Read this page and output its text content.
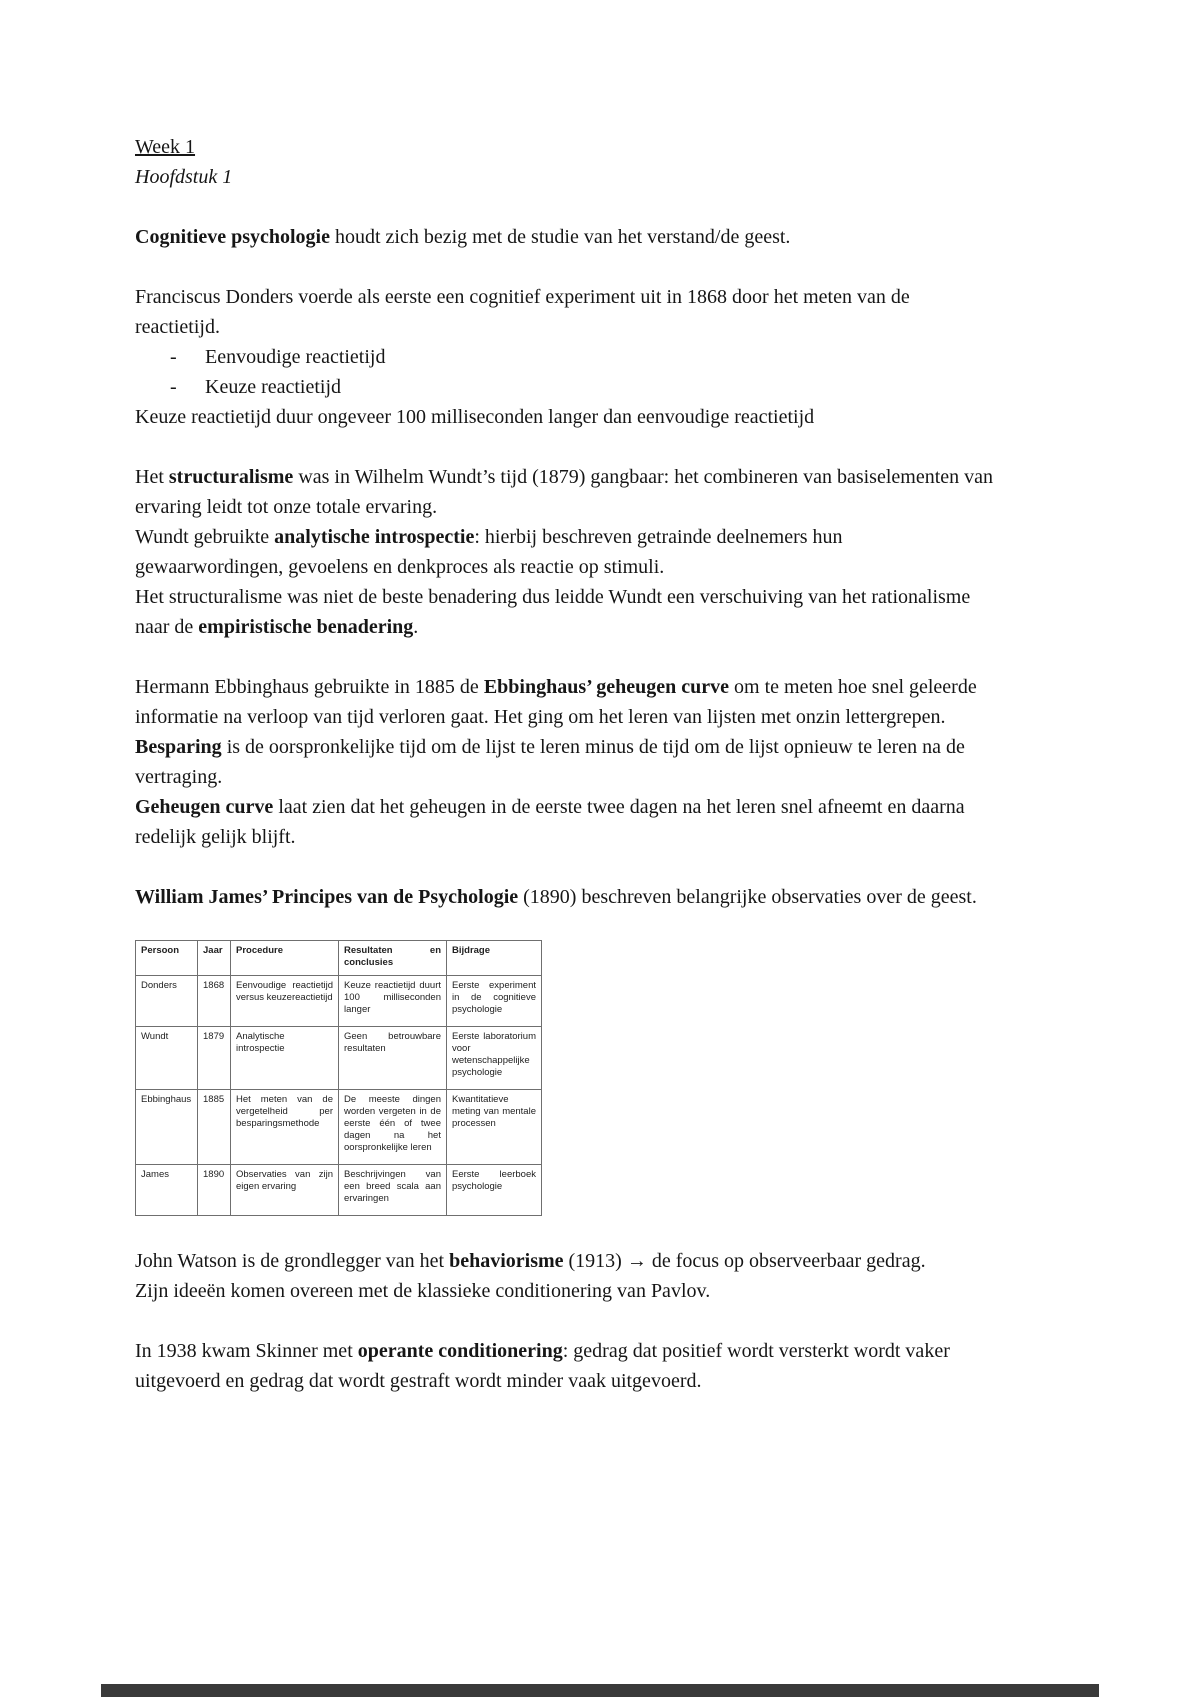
Week 1
Hoofdstuk 1

Cognitieve psychologie houdt zich bezig met de studie van het verstand/de geest.

Franciscus Donders voerde als eerste een cognitief experiment uit in 1868 door het meten van de reactietijd.

-	Eenvoudige reactietijd
-	Keuze reactietijd

Keuze reactietijd duur ongeveer 100 milliseconden langer dan eenvoudige reactietijd

Het structuralisme was in Wilhelm Wundt’s tijd (1879) gangbaar: het combineren van basiselementen van ervaring leidt tot onze totale ervaring.

Wundt gebruikte analytische introspectie: hierbij beschreven getrainde deelnemers hun gewaarwordingen, gevoelens en denkproces als reactie op stimuli.

Het structuralisme was niet de beste benadering dus leidde Wundt een verschuiving van het rationalisme naar de empiristische benadering.

Hermann Ebbinghaus gebruikte in 1885 de Ebbinghaus’ geheugen curve om te meten hoe snel geleerde informatie na verloop van tijd verloren gaat. Het ging om het leren van lijsten met onzin lettergrepen.

Besparing is de oorspronkelijke tijd om de lijst te leren minus de tijd om de lijst opnieuw te leren na de vertraging.

Geheugen curve laat zien dat het geheugen in de eerste twee dagen na het leren snel afneemt en daarna redelijk gelijk blijft.

William James’ Principes van de Psychologie (1890) beschreven belangrijke observaties over de geest.

Persoon	Jaar	Procedure	Resultaten en conclusies	Bijdrage
Donders	1868	Eenvoudige reactietijd versus keuzereactietijd	Keuze reactietijd duurt 100 milliseconden langer	Eerste experiment in de cognitieve psychologie
Wundt	1879	Analytische introspectie	Geen betrouwbare resultaten	Eerste laboratorium voor wetenschappelijke psychologie
Ebbinghaus	1885	Het meten van de vergetelheid per besparingsmethode	De meeste dingen worden vergeten in de eerste één of twee dagen na het oorspronkelijke leren	Kwantitatieve meting van mentale processen
James	1890	Observaties van zijn eigen ervaring	Beschrijvingen van een breed scala aan ervaringen	Eerste leerboek psychologie

John Watson is de grondlegger van het behaviorisme (1913) → de focus op observeerbaar gedrag.

Zijn ideeën komen overeen met de klassieke conditionering van Pavlov.

In 1938 kwam Skinner met operante conditionering: gedrag dat positief wordt versterkt wordt vaker uitgevoerd en gedrag dat wordt gestraft wordt minder vaak uitgevoerd.
